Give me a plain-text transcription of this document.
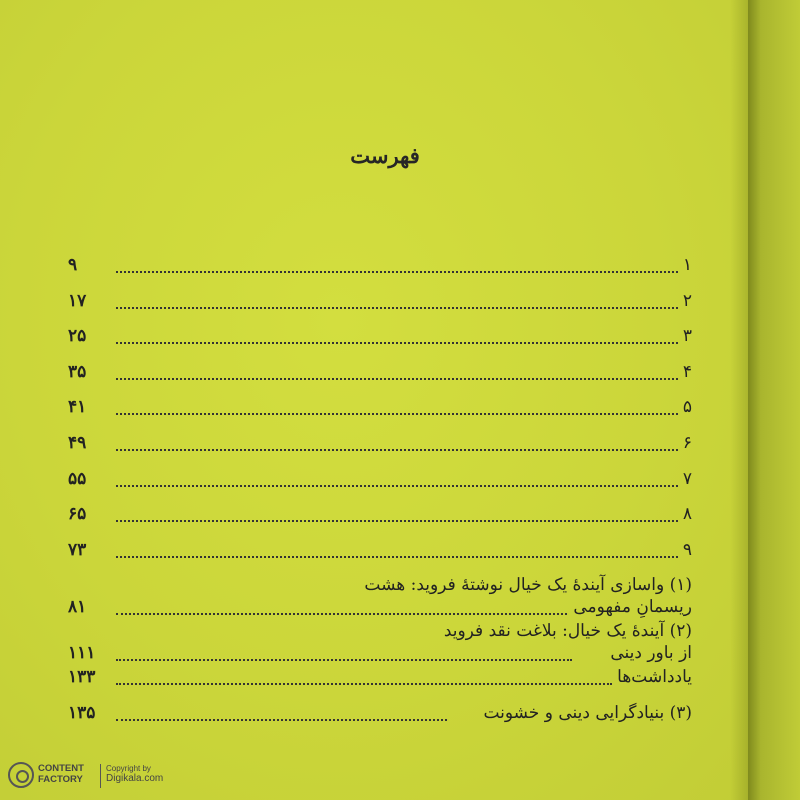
فهرست
۱
۹
۲
۱۷
۳
۲۵
۴
۳۵
۵
۴۱
۶
۴۹
۷
۵۵
۸
۶۵
۹
۷۳
(۱) واسازی آیندهٔ یک خیال نوشتهٔ فروید: هشت
ریسمانِ مفهومی
۸۱
(۲) آیندهٔ یک خیال: بلاغت نقد فروید
از باور دینی
۱۱۱
یادداشت‌ها
۱۳۳
(۳) بنیادگرایی دینی و خشونت
۱۳۵
CONTENT
FACTORY
Copyright by
Digikala.com
